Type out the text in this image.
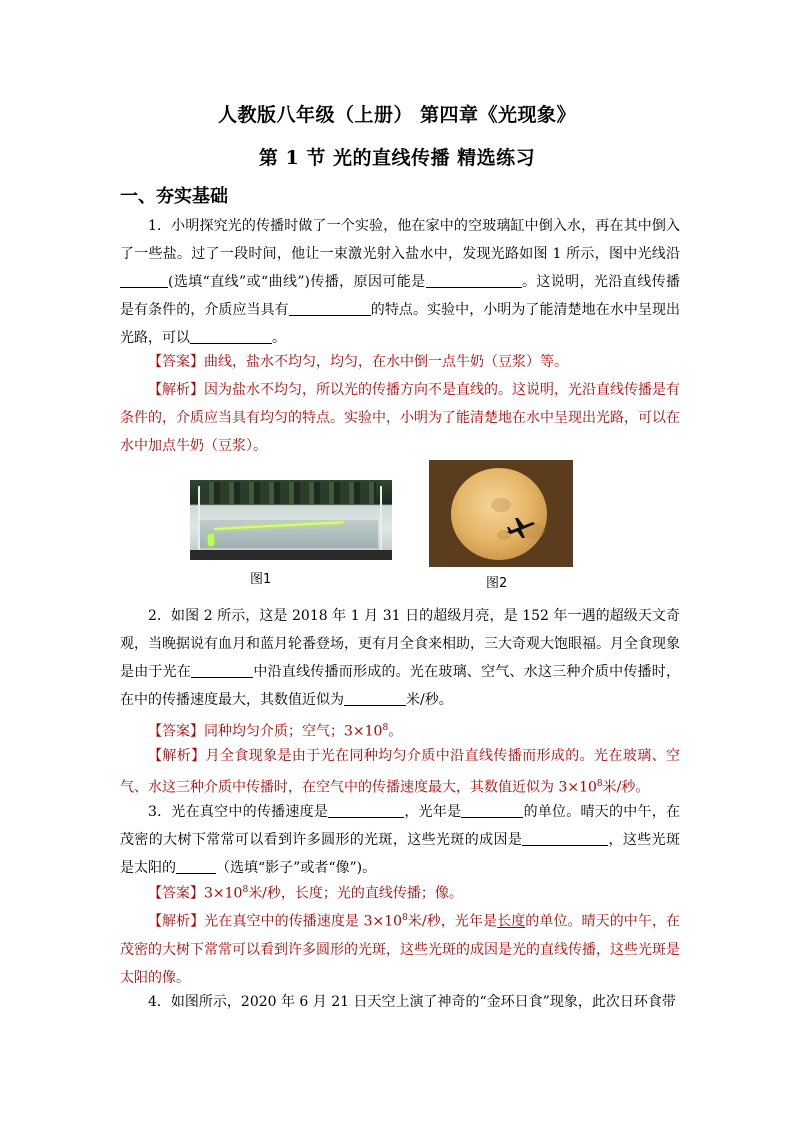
人教版八年级（上册） 第四章《光现象》
第 1 节 光的直线传播 精选练习
一、夯实基础
1．小明探究光的传播时做了一个实验，他在家中的空玻璃缸中倒入水，再在其中倒入了一些盐。过了一段时间，他让一束激光射入盐水中，发现光路如图 1 所示，图中光线沿(选填“直线”或“曲线”)传播，原因可能是	。这说明，光沿直线传播是有条件的，介质应当具有	的特点。实验中，小明为了能清楚地在水中呈现出光路，可以	。
【答案】曲线，盐水不均匀，均匀，在水中倒一点牛奶（豆浆）等。
【解析】因为盐水不均匀，所以光的传播方向不是直线的。这说明，光沿直线传播是有条件的，介质应当具有均匀的特点。实验中，小明为了能清楚地在水中呈现出光路，可以在水中加点牛奶（豆浆）。
图1	图2
2．如图 2 所示，这是 2018 年 1 月 31 日的超级月亮，是 152 年一遇的超级天文奇观，当晚据说有血月和蓝月轮番登场，更有月全食来相助，三大奇观大饱眼福。月全食现象是由于光在	中沿直线传播而形成的。光在玻璃、空气、水这三种介质中传播时，在中的传播速度最大，其数值近似为	米/秒。
【答案】同种均匀介质；空气；$3\times 10^8$。
【解析】月全食现象是由于光在同种均匀介质中沿直线传播而形成的。光在玻璃、空气、水这三种介质中传播时，在空气中的传播速度最大，其数值近似为 $3\times 10^8$米/秒。
3．光在真空中的传播速度是	，光年是	的单位。晴天的中午，在茂密的大树下常常可以看到许多圆形的光斑，这些光斑的成因是	，这些光斑是太阳的	（选填“影子”或者“像”)。
【答案】$3\times 10^8$米/秒，长度；光的直线传播；像。
【解析】光在真空中的传播速度是 $3\times 10^8$米/秒，光年是长度的单位。晴天的中午，在茂密的大树下常常可以看到许多圆形的光斑，这些光斑的成因是光的直线传播，这些光斑是太阳的像。
4．如图所示，2020 年 6 月 21 日天空上演了神奇的“金环日食”现象，此次日环食带
